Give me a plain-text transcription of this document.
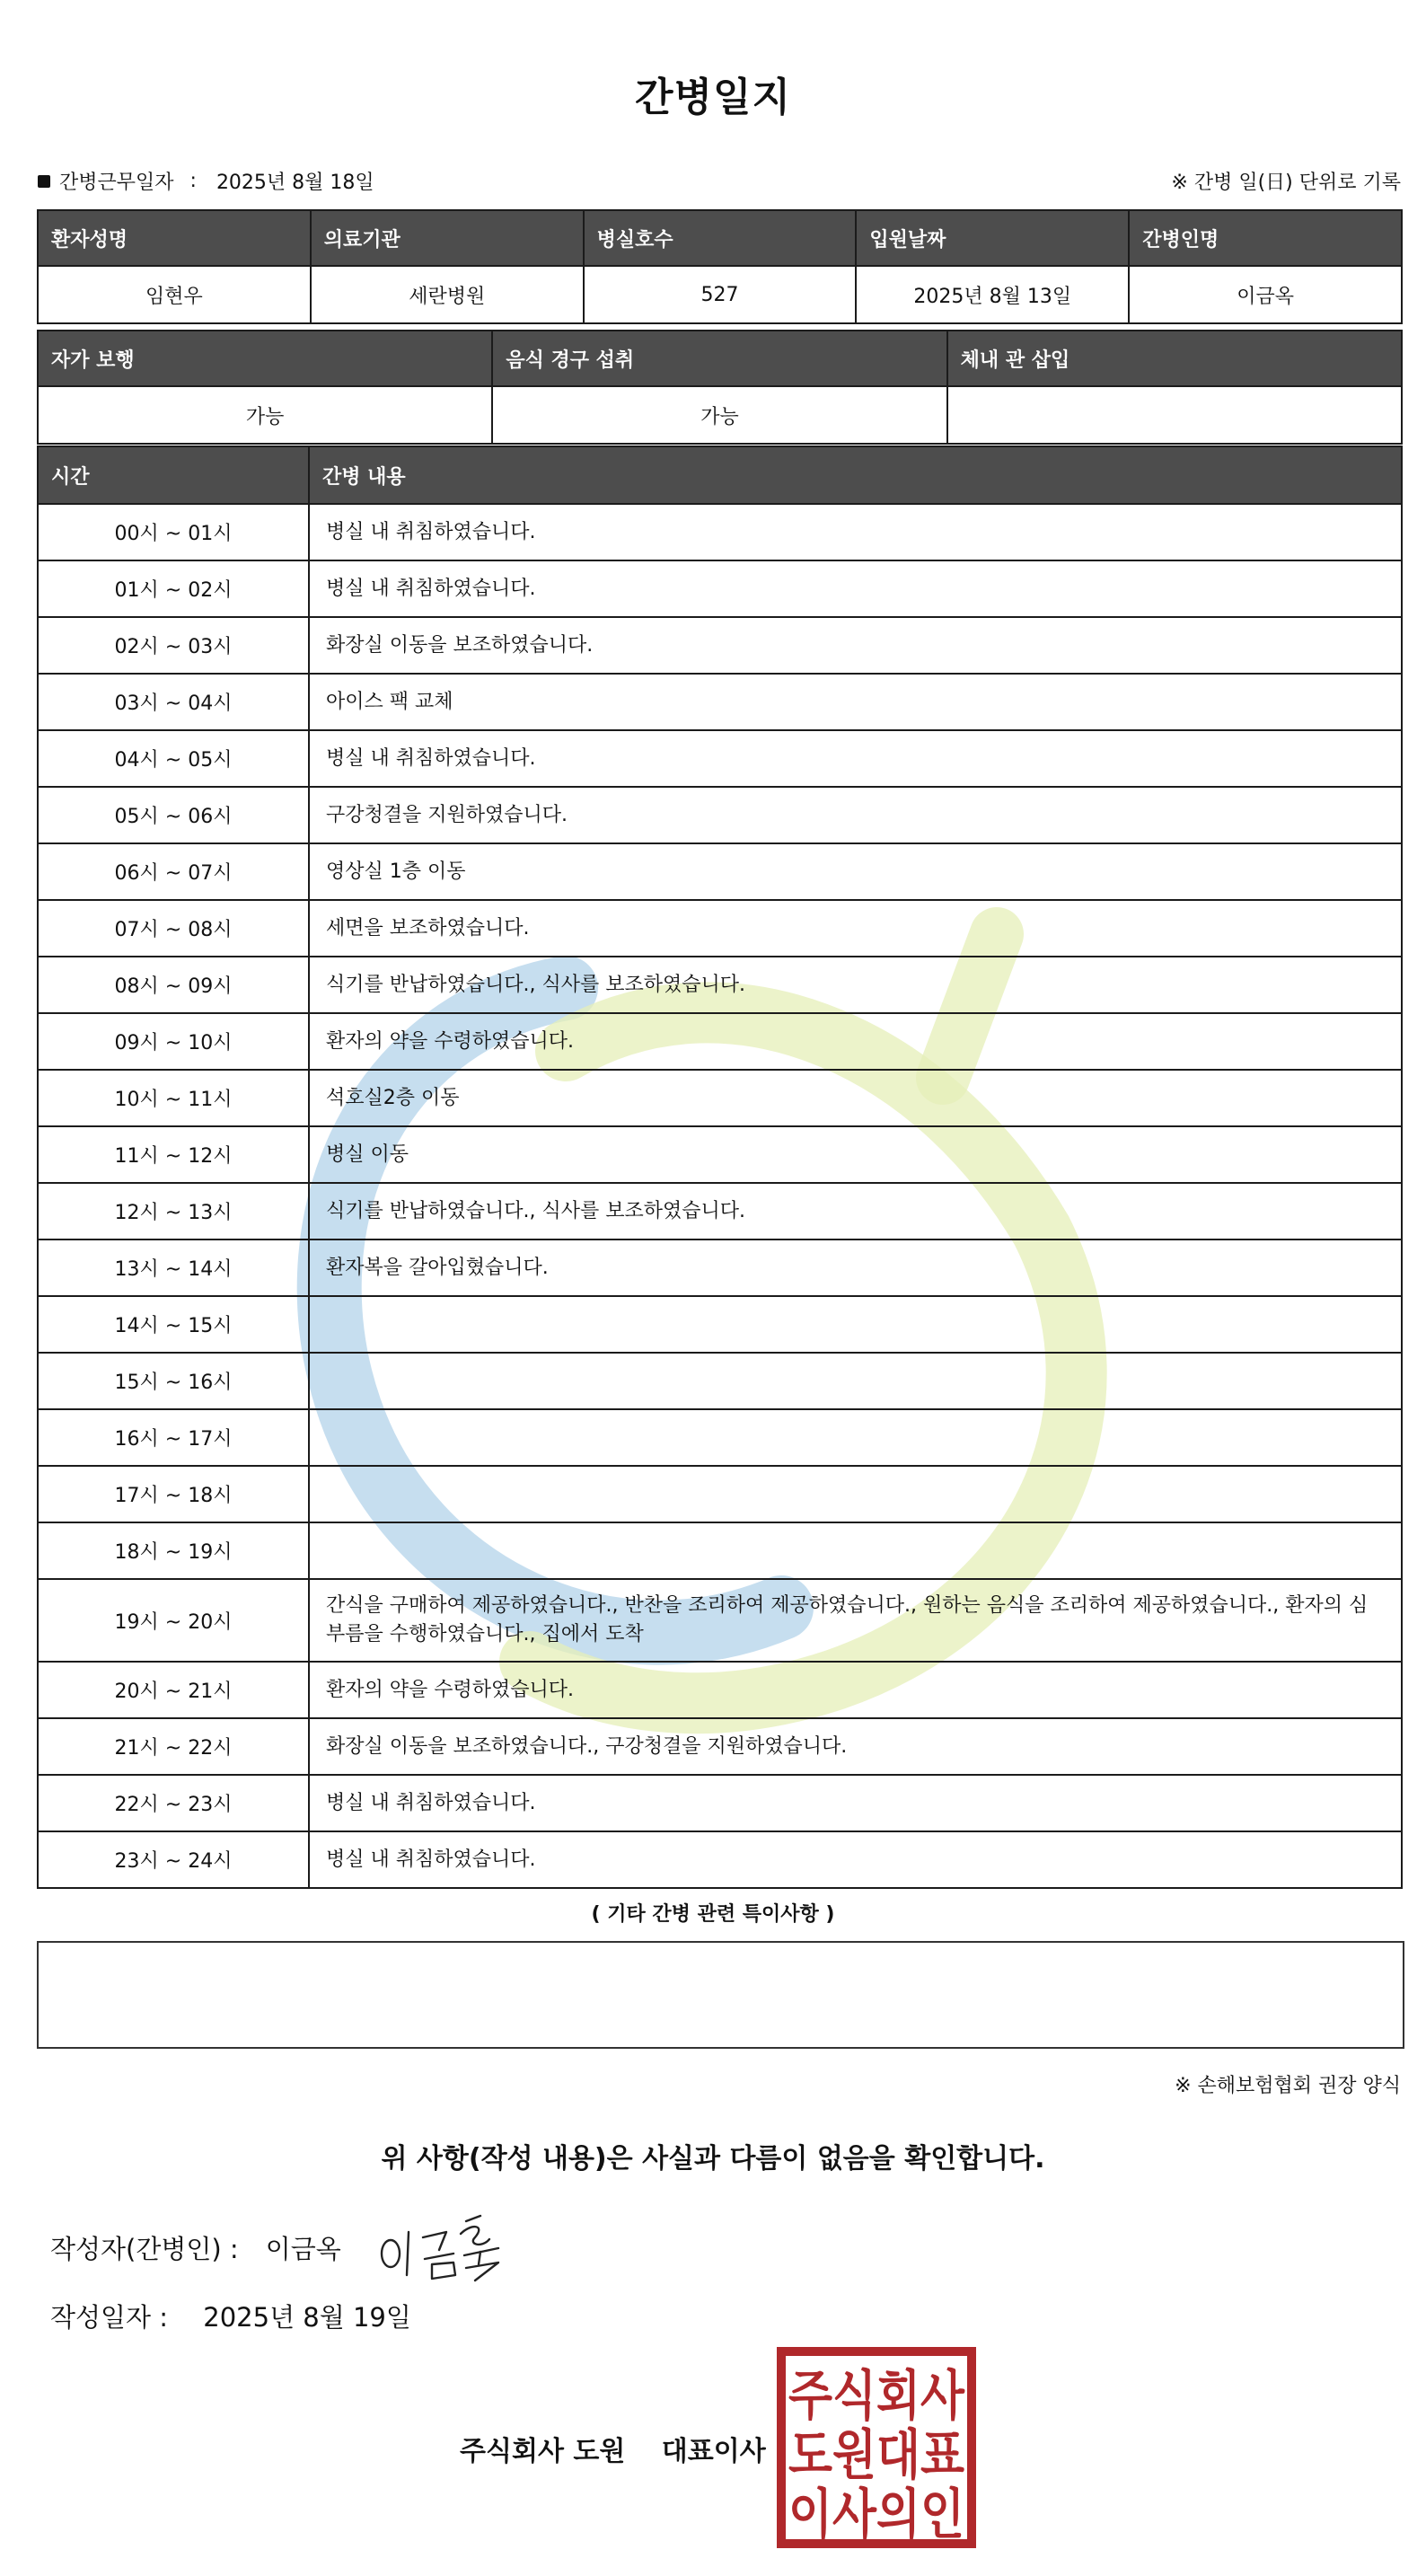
간병일지
간병근무일자 : 2025년 8월 18일	※ 간병 일(日) 단위로 기록
환자성명	의료기관	병실호수	입원날짜	간병인명
임현우	세란병원	527	2025년 8월 13일	이금옥
자가 보행	음식 경구 섭취	체내 관 삽입
가능	가능	
시간	간병 내용
00시 ~ 01시	병실 내 취침하였습니다.
01시 ~ 02시	병실 내 취침하였습니다.
02시 ~ 03시	화장실 이동을 보조하였습니다.
03시 ~ 04시	아이스 팩 교체
04시 ~ 05시	병실 내 취침하였습니다.
05시 ~ 06시	구강청결을 지원하였습니다.
06시 ~ 07시	영상실 1층 이동
07시 ~ 08시	세면을 보조하였습니다.
08시 ~ 09시	식기를 반납하였습니다., 식사를 보조하였습니다.
09시 ~ 10시	환자의 약을 수령하였습니다.
10시 ~ 11시	석호실2층 이동
11시 ~ 12시	병실 이동
12시 ~ 13시	식기를 반납하였습니다., 식사를 보조하였습니다.
13시 ~ 14시	환자복을 갈아입혔습니다.
14시 ~ 15시	
15시 ~ 16시	
16시 ~ 17시	
17시 ~ 18시	
18시 ~ 19시	
19시 ~ 20시	간식을 구매하여 제공하였습니다., 반찬을 조리하여 제공하였습니다., 원하는 음식을 조리하여 제공하였습니다., 환자의 심부름을 수행하였습니다., 집에서 도착
20시 ~ 21시	환자의 약을 수령하였습니다.
21시 ~ 22시	화장실 이동을 보조하였습니다., 구강청결을 지원하였습니다.
22시 ~ 23시	병실 내 취침하였습니다.
23시 ~ 24시	병실 내 취침하였습니다.
( 기타 간병 관련 특이사항 )
※ 손해보험협회 권장 양식
위 사항(작성 내용)은 사실과 다름이 없음을 확인합니다.
작성자(간병인) : 이금옥
작성일자 : 2025년 8월 19일
주식회사 도원 대표이사
주식회사
도원대표
이사의인
